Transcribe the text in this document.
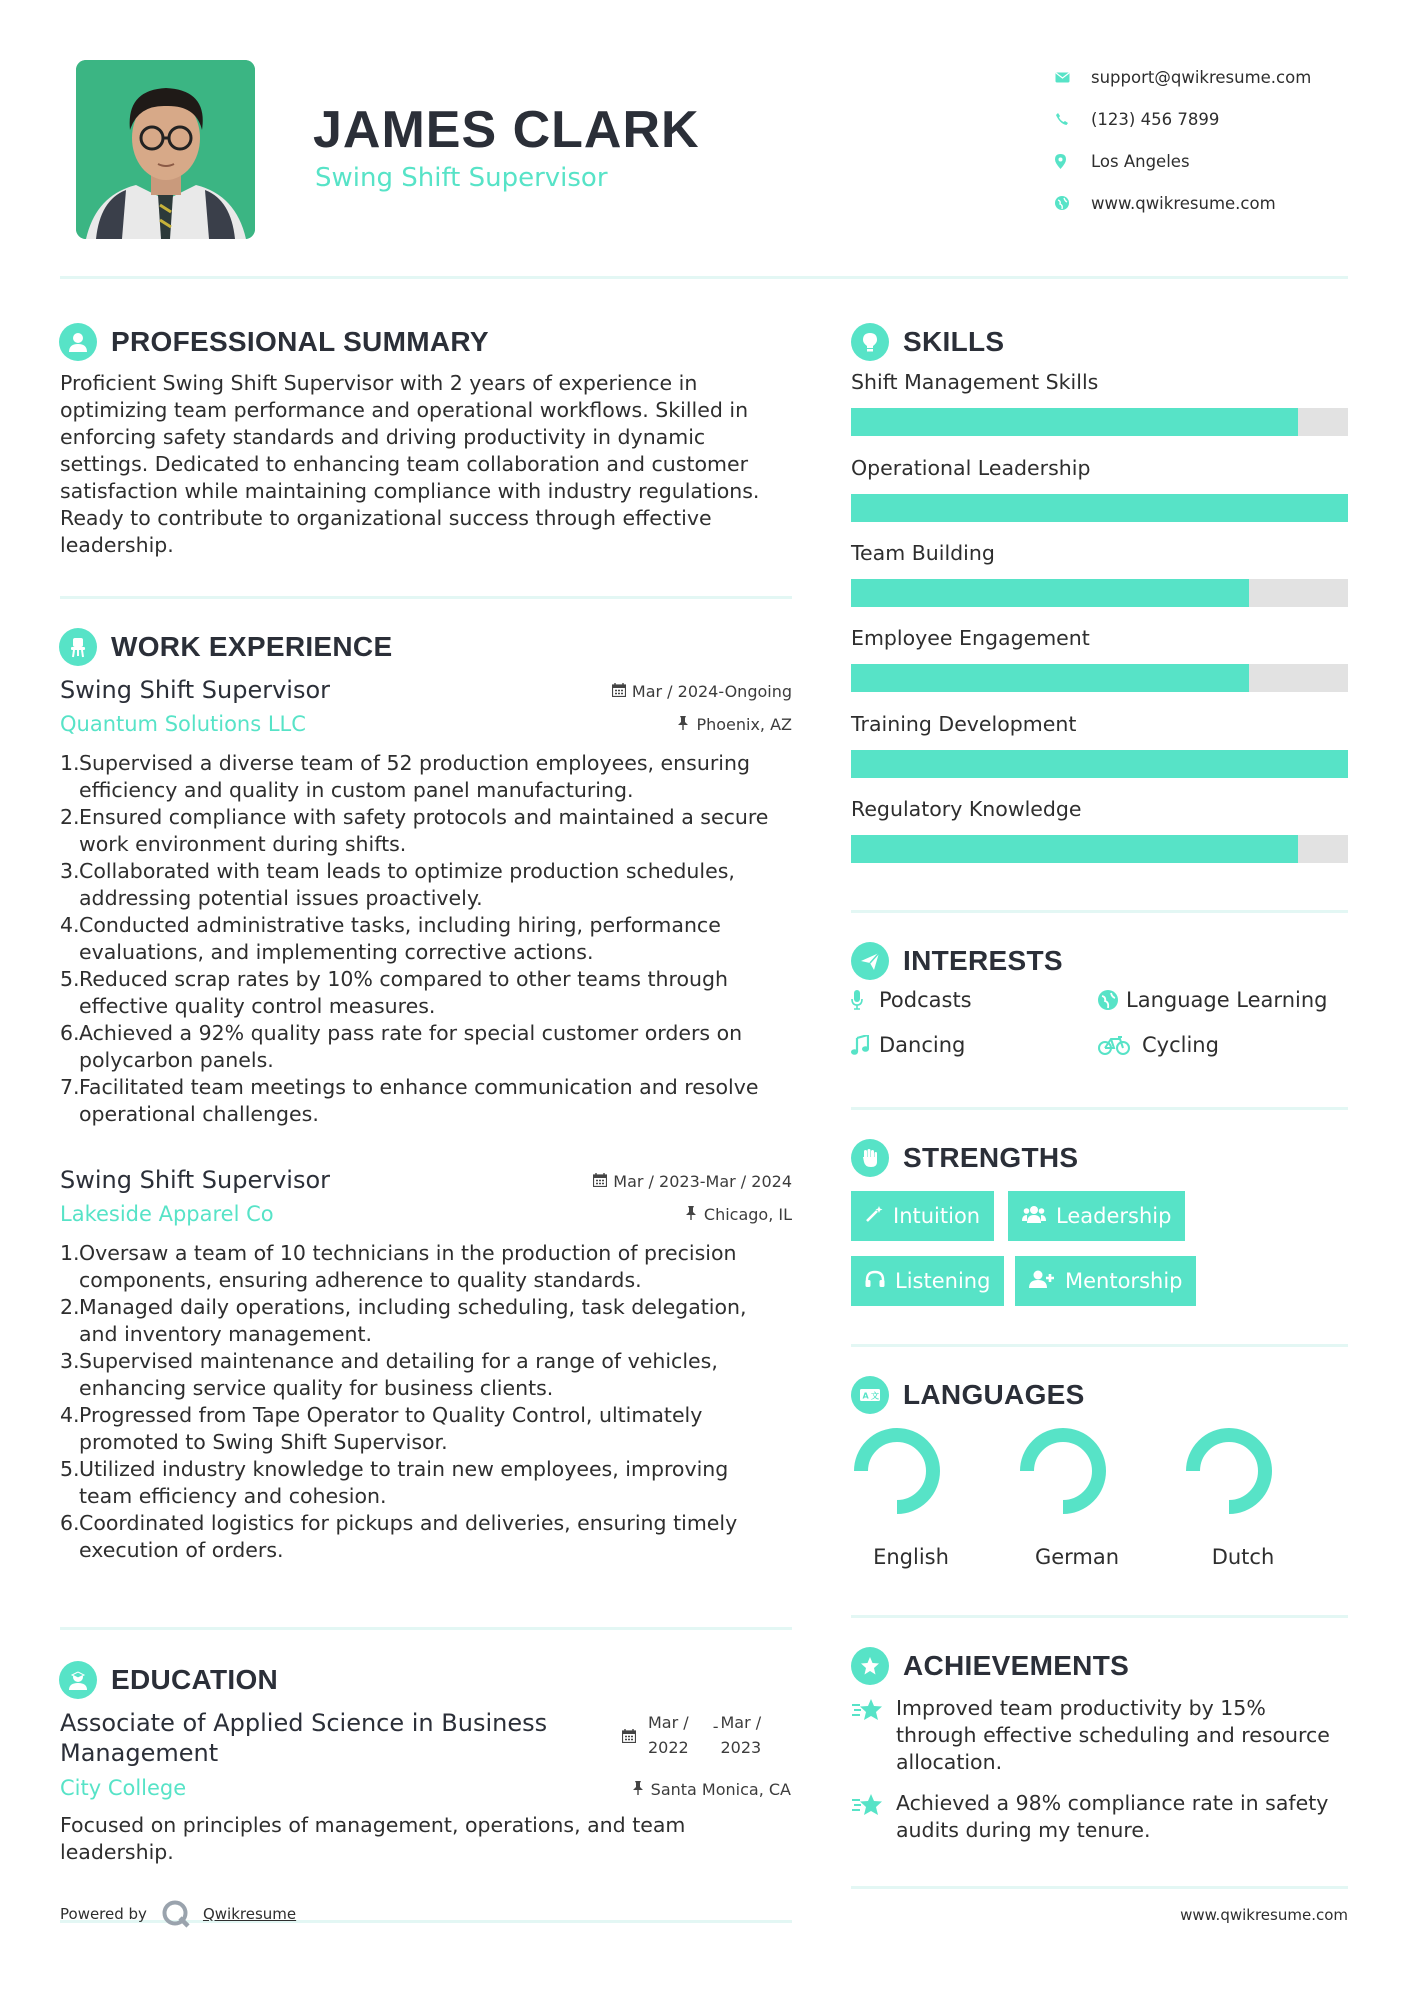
JAMES CLARK
Swing Shift Supervisor
support@qwikresume.com
(123) 456 7899
Los Angeles
www.qwikresume.com
PROFESSIONAL SUMMARY
Proficient Swing Shift Supervisor with 2 years of experience in
optimizing team performance and operational workflows. Skilled in
enforcing safety standards and driving productivity in dynamic
settings. Dedicated to enhancing team collaboration and customer
satisfaction while maintaining compliance with industry regulations.
Ready to contribute to organizational success through effective
leadership.
WORK EXPERIENCE
Swing Shift Supervisor	Mar / 2024-Ongoing
Quantum Solutions LLC	Phoenix, AZ
1. Supervised a diverse team of 52 production employees, ensuring
efficiency and quality in custom panel manufacturing.
2. Ensured compliance with safety protocols and maintained a secure
work environment during shifts.
3. Collaborated with team leads to optimize production schedules,
addressing potential issues proactively.
4. Conducted administrative tasks, including hiring, performance
evaluations, and implementing corrective actions.
5. Reduced scrap rates by 10% compared to other teams through
effective quality control measures.
6. Achieved a 92% quality pass rate for special customer orders on
polycarbon panels.
7. Facilitated team meetings to enhance communication and resolve
operational challenges.
Swing Shift Supervisor	Mar / 2023-Mar / 2024
Lakeside Apparel Co	Chicago, IL
1. Oversaw a team of 10 technicians in the production of precision
components, ensuring adherence to quality standards.
2. Managed daily operations, including scheduling, task delegation,
and inventory management.
3. Supervised maintenance and detailing for a range of vehicles,
enhancing service quality for business clients.
4. Progressed from Tape Operator to Quality Control, ultimately
promoted to Swing Shift Supervisor.
5. Utilized industry knowledge to train new employees, improving
team efficiency and cohesion.
6. Coordinated logistics for pickups and deliveries, ensuring timely
execution of orders.
EDUCATION
Associate of Applied Science in Business
Management
Mar /
2022
- Mar /
2023
City College	Santa Monica, CA
Focused on principles of management, operations, and team
leadership.
SKILLS
Shift Management Skills
Operational Leadership
Team Building
Employee Engagement
Training Development
Regulatory Knowledge
INTERESTS
Podcasts	Language Learning
Dancing	Cycling
STRENGTHS
Intuition	Leadership
Listening	Mentorship
A 文 LANGUAGES
English	German	Dutch
ACHIEVEMENTS
Improved team productivity by 15%
through effective scheduling and resource
allocation.
Achieved a 98% compliance rate in safety
audits during my tenure.
Powered by	Qwikresume	www.qwikresume.com
